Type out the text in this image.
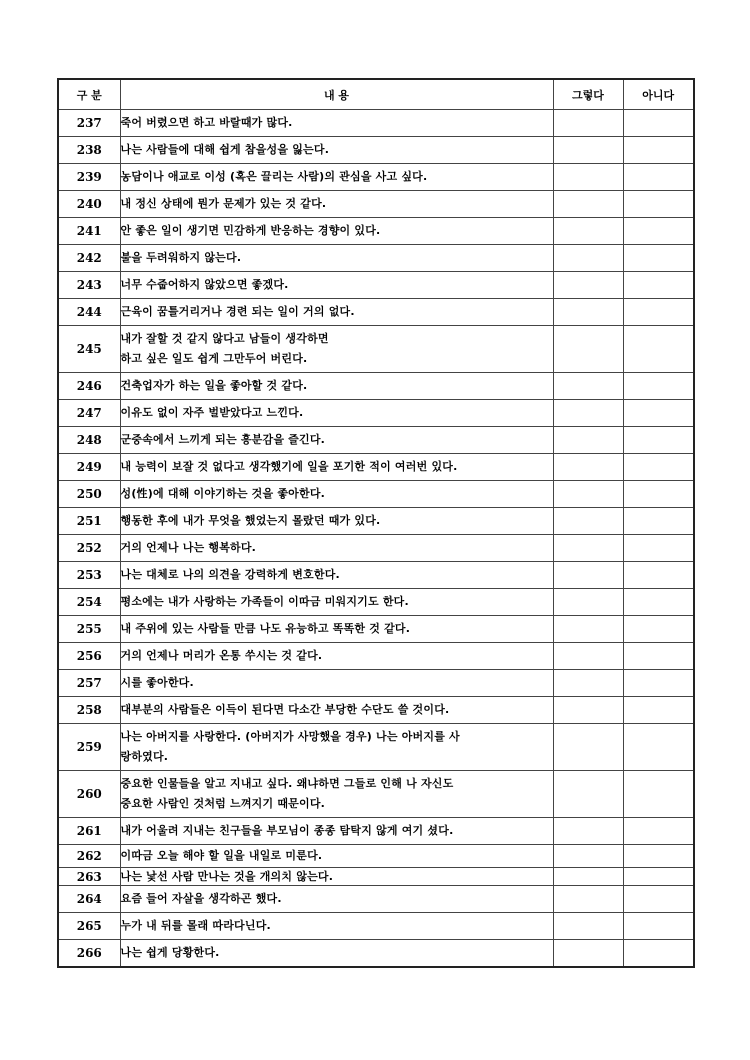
구 분	내 용	그렇다	아니다
237	죽어 버렸으면 하고 바랄때가 많다.		
238	나는 사람들에 대해 쉽게 참을성을 잃는다.		
239	농담이나 애교로 이성 (혹은 끌리는 사람)의 관심을 사고 싶다.		
240	내 정신 상태에 뭔가 문제가 있는 것 같다.		
241	안 좋은 일이 생기면 민감하게 반응하는 경향이 있다.		
242	불을 두려워하지 않는다.		
243	너무 수줍어하지 않았으면 좋겠다.		
244	근육이 꿈틀거리거나 경련 되는 일이 거의 없다.		
245	내가 잘할 것 같지 않다고 남들이 생각하면
하고 싶은 일도 쉽게 그만두어 버린다.		

246	건축업자가 하는 일을 좋아할 것 같다.		
247	이유도 없이 자주 벌받았다고 느낀다.		
248	군중속에서 느끼게 되는 흥분감을 즐긴다.		
249	내 능력이 보잘 것 없다고 생각했기에 일을 포기한 적이 여러번 있다.		
250	성(性)에 대해 이야기하는 것을 좋아한다.		
251	행동한 후에 내가 무엇을 했었는지 몰랐던 때가 있다.		
252	거의 언제나 나는 행복하다.		
253	나는 대체로 나의 의견을 강력하게 변호한다.		
254	평소에는 내가 사랑하는 가족들이 이따금 미워지기도 한다.		
255	내 주위에 있는 사람들 만큼 나도 유능하고 똑똑한 것 같다.		
256	거의 언제나 머리가 온통 쑤시는 것 같다.		
257	시를 좋아한다.		
258	대부분의 사람들은 이득이 된다면 다소간 부당한 수단도 쓸 것이다.		
259	나는 아버지를 사랑한다. (아버지가 사망했을 경우) 나는 아버지를 사
랑하였다.		

260	중요한 인물들을 알고 지내고 싶다. 왜냐하면 그들로 인해 나 자신도
중요한 사람인 것처럼 느껴지기 때문이다.		

261	내가 어울려 지내는 친구들을 부모님이 종종 탐탁지 않게 여기 셨다.		
262	이따금 오늘 해야 할 일을 내일로 미룬다.		
263	나는 낯선 사람 만나는 것을 개의치 않는다.		
264	요즘 들어 자살을 생각하곤 했다.		
265	누가 내 뒤를 몰래 따라다닌다.		
266	나는 쉽게 당황한다.		
